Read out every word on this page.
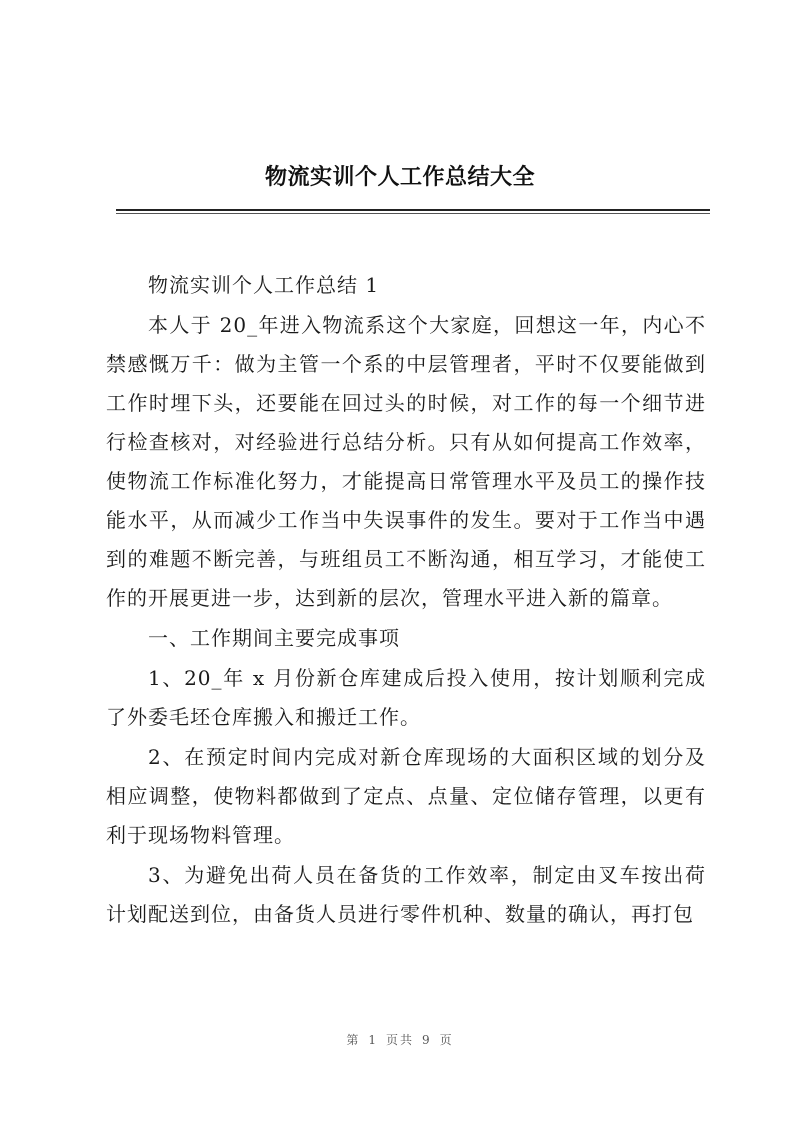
物流实训个人工作总结大全

物流实训个人工作总结 1

本人于 20_年进入物流系这个大家庭，回想这一年，内心不禁感慨万千：做为主管一个系的中层管理者，平时不仅要能做到工作时埋下头，还要能在回过头的时候，对工作的每一个细节进行检查核对，对经验进行总结分析。只有从如何提高工作效率，使物流工作标准化努力，才能提高日常管理水平及员工的操作技能水平，从而减少工作当中失误事件的发生。要对于工作当中遇到的难题不断完善，与班组员工不断沟通，相互学习，才能使工作的开展更进一步，达到新的层次，管理水平进入新的篇章。

一、工作期间主要完成事项

1、20_年 x 月份新仓库建成后投入使用，按计划顺利完成了外委毛坯仓库搬入和搬迁工作。

2、在预定时间内完成对新仓库现场的大面积区域的划分及相应调整，使物料都做到了定点、点量、定位储存管理，以更有利于现场物料管理。

3、为避免出荷人员在备货的工作效率，制定由叉车按出荷计划配送到位，由备货人员进行零件机种、数量的确认，再打包

第 1 页共 9 页
